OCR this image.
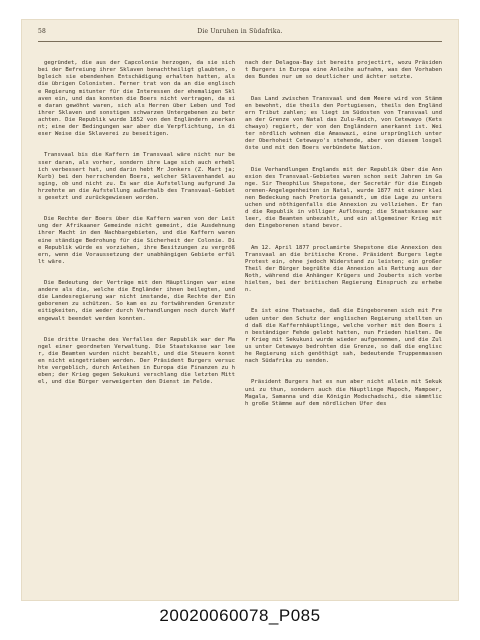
58	Die Unruhen in Südafrika.

gegründet, die aus der Capcolonie herzogen, da sie sich bei der Befreiung ihrer Sklaven benachtheiligt glaubten, obgleich sie ebendenhen Entschädigung erhalten hatten, als die übrigen Colonisten. Ferner trat von da an die englische Regierung mitunter für die Interessen der ehemaligen Sklaven ein, und das konnten die Boers nicht vertragen, da sie daran gewöhnt waren, sich als Herren über Leben und Tod ihrer Sklaven und sonstigen schwarzen Untergebenen zu betrachten. Die Republik wurde 1852 von den Engländern anerkannt; eine der Bedingungen war aber die Verpflichtung, in dieser Weise die Sklaverei zu beseitigen.

Transvaal bis die Kaffern im Transvaal wäre nicht nur besser daran, als vorher, sondern ihre Lage sich auch erheblich verbessert hat, und darin hebt Mr Jonkers (Z. Mart ja; Kurb) bei den herrschenden Boers, welcher Sklavenhandel ausging, ob und nicht zu. Es war die Aufstellung aufgrund Jahrzehnte an die Aufstellung außerhalb des Transvaal-Gebiets gesetzt und zurückgewiesen worden.

Die Rechte der Boers über die Kaffern waren von der Leitung der Afrikaaner Gemeinde nicht gemeint, die Ausdehnung ihrer Macht in den Nachbargebieten, und die Kaffern waren eine ständige Bedrohung für die Sicherheit der Colonie. Die Republik würde es vorziehen, ihre Besitzungen zu vergrößern, wenn die Voraussetzung der unabhängigen Gebiete erfüllt wäre.

Die Bedeutung der Verträge mit den Häuptlingen war eine andere als die, welche die Engländer ihnen beilegten, und die Landesregierung war nicht imstande, die Rechte der Eingeborenen zu schützen. So kam es zu fortwährenden Grenzstreitigkeiten, die weder durch Verhandlungen noch durch Waffengewalt beendet werden konnten.

Die dritte Ursache des Verfalles der Republik war der Mangel einer geordneten Verwaltung. Die Staatskasse war leer, die Beamten wurden nicht bezahlt, und die Steuern konnten nicht eingetrieben werden. Der Präsident Burgers versuchte vergeblich, durch Anleihen in Europa die Finanzen zu heben; der Krieg gegen Sekukuni verschlang die letzten Mittel, und die Bürger verweigerten den Dienst im Felde.

nach der Delagoa-Bay ist bereits projectirt, wozu Präsident Burgers in Europa eine Anleihe aufnahm, was den Vorhaben des Bundes nur um so deutlicher und ächter setzte.

Das Land zwischen Transvaal und dem Meere wird von Stämmen bewohnt, die theils den Portugiesen, theils den Engländern Tribut zahlen; es liegt im Südosten von Transvaal und an der Grenze von Natal das Zulu-Reich, von Cetewayo (Ketschwayo) regiert, der von den Engländern anerkannt ist. Weiter nördlich wohnen die Amaswazi, eine ursprünglich unter der Oberhoheit Cetewayo's stehende, aber von diesem losgelöste und mit den Boers verbündete Nation.

Die Verhandlungen Englands mit der Republik über die Annexion des Transvaal-Gebietes waren schon seit Jahren im Gange. Sir Theophilus Shepstone, der Secretär für die Eingeborenen-Angelegenheiten in Natal, wurde 1877 mit einer kleinen Bedeckung nach Pretoria gesandt, um die Lage zu untersuchen und nöthigenfalls die Annexion zu vollziehen. Er fand die Republik in völliger Auflösung; die Staatskasse war leer, die Beamten unbezahlt, und ein allgemeiner Krieg mit den Eingeborenen stand bevor.

Am 12. April 1877 proclamirte Shepstone die Annexion des Transvaal an die britische Krone. Präsident Burgers legte Protest ein, ohne jedoch Widerstand zu leisten; ein großer Theil der Bürger begrüßte die Annexion als Rettung aus der Noth, während die Anhänger Krügers und Jouberts sich vorbehielten, bei der britischen Regierung Einspruch zu erheben.

Es ist eine Thatsache, daß die Eingeborenen sich mit Freuden unter den Schutz der englischen Regierung stellten und daß die Kaffernhäuptlinge, welche vorher mit den Boers in beständiger Fehde gelebt hatten, nun Frieden hielten. Der Krieg mit Sekukuni wurde wieder aufgenommen, und die Zulus unter Cetewayo bedrohten die Grenze, so daß die englische Regierung sich genöthigt sah, bedeutende Truppenmassen nach Südafrika zu senden.

Präsident Burgers hat es nun aber nicht allein mit Sekukuni zu thun, sondern auch die Häuptlinge Mapoch, Mampoer, Magala, Samanna und die Königin Modschadschi, die sämmtlich große Stämme auf dem nördlichen Ufer des

20020060078_P085
